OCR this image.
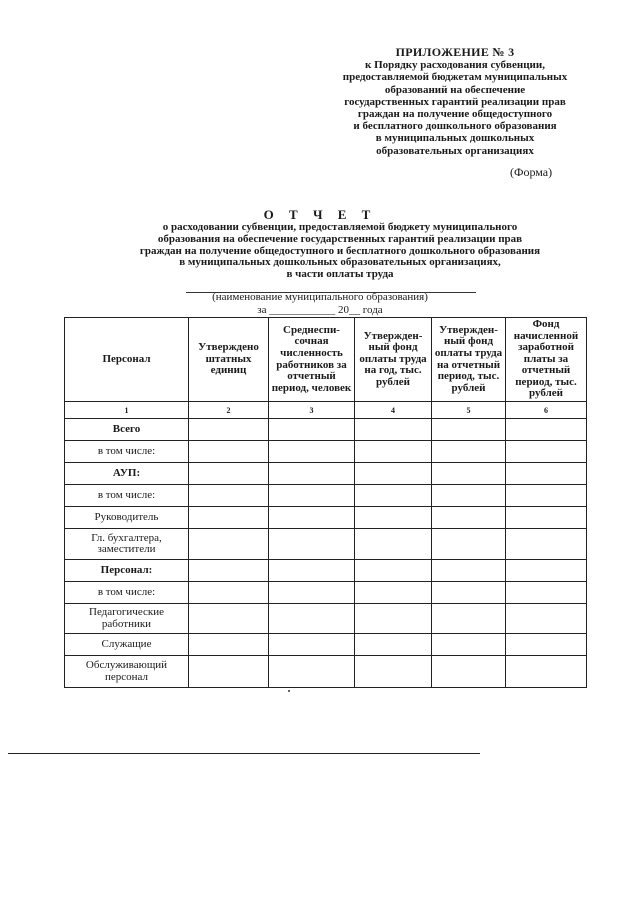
ПРИЛОЖЕНИЕ № 3
к Порядку расходования субвенции,
предоставляемой бюджетам муниципальных
образований на обеспечение
государственных гарантий реализации прав
граждан на получение общедоступного
и бесплатного дошкольного образования
в муниципальных дошкольных
образовательных организациях
(Форма)
О Т Ч Е Т
о расходовании субвенции, предоставляемой бюджету муниципального
образования на обеспечение государственных гарантий реализации прав
граждан на получение общедоступного и бесплатного дошкольного образования
в муниципальных дошкольных образовательных организациях,
в части оплаты труда
(наименование муниципального образования)
за ____________ 20__ года
Персонал	Утверждено штатных единиц	Среднеспи-сочная численность работников за отчетный период, человек	Утвержден-ный фонд оплаты труда на год, тыс. рублей	Утвержден-ный фонд оплаты труда на отчетный период, тыс. рублей	Фонд начисленной заработной платы за отчетный период, тыс. рублей
1	2	3	4	5	6
Всего					
в том числе:					
АУП:					
в том числе:					
Руководитель					
Гл. бухгалтера, заместители					
Персонал:					
в том числе:					
Педагогические работники					
Служащие					
Обслуживающий персонал					
